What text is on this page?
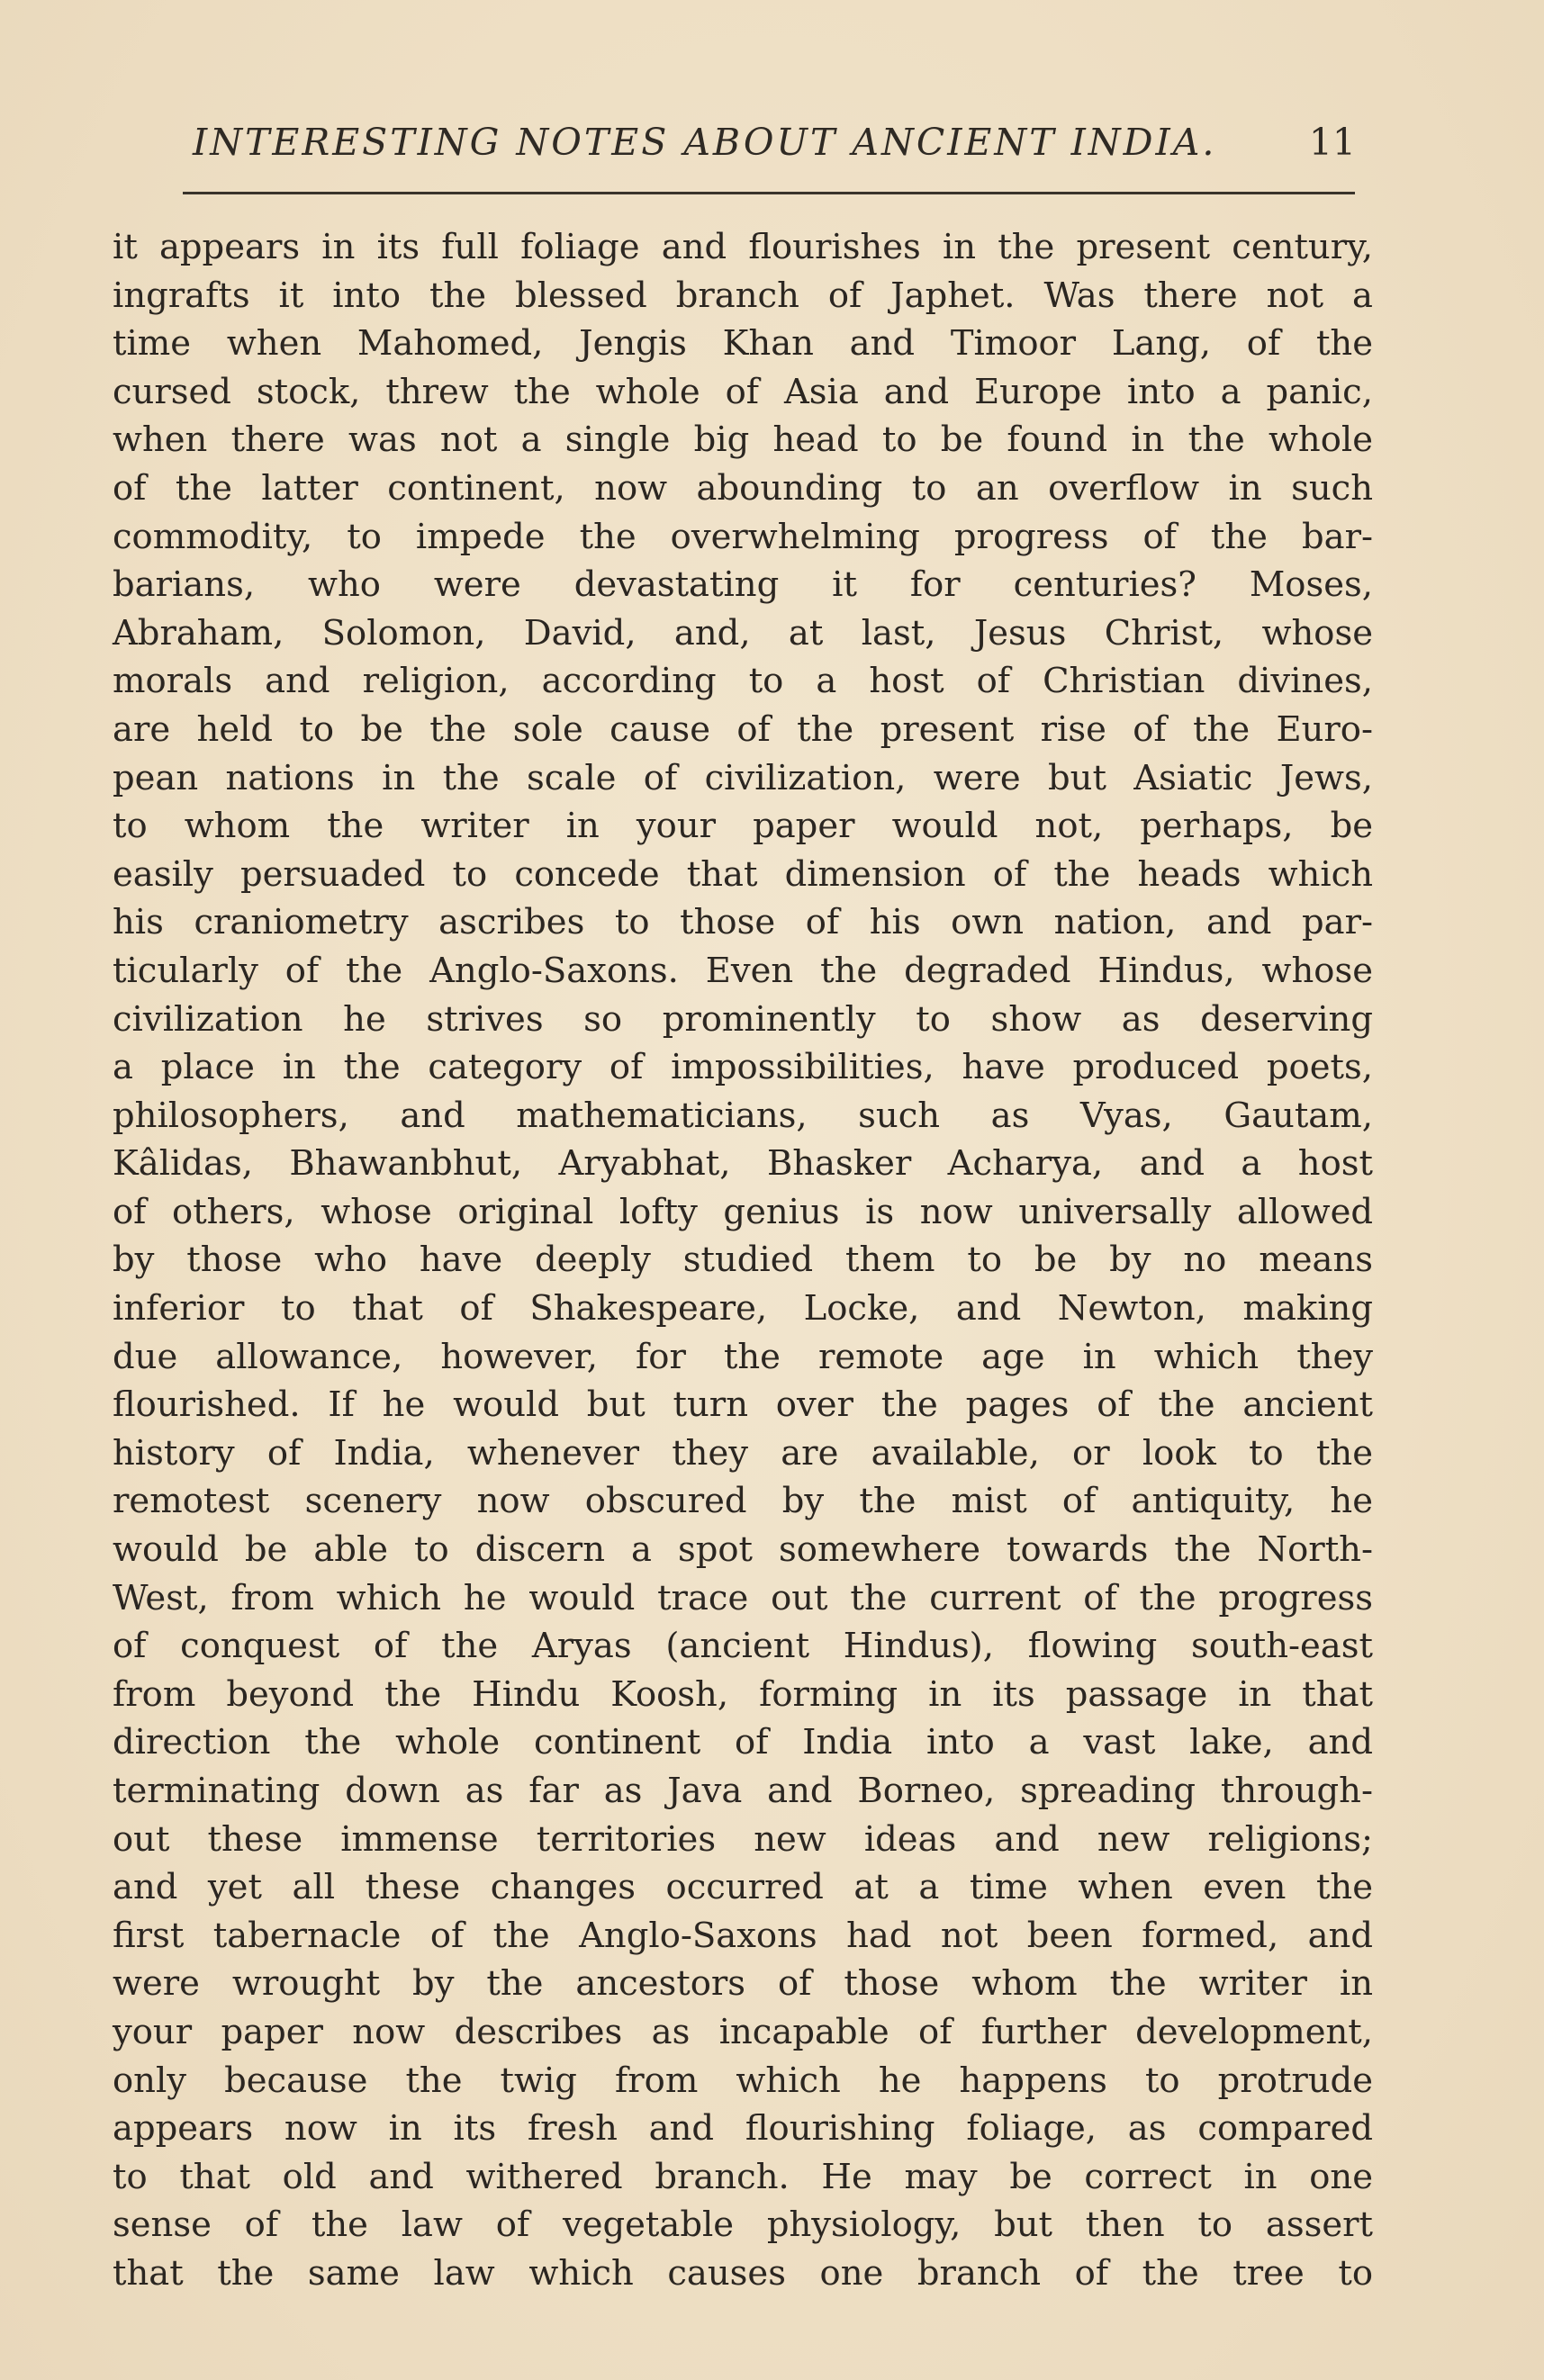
INTERESTING NOTES ABOUT ANCIENT INDIA. 11
it appears in its full foliage and flourishes in the present century,
ingrafts it into the blessed branch of Japhet. Was there not a
time when Mahomed, Jengis Khan and Timoor Lang, of the
cursed stock, threw the whole of Asia and Europe into a panic,
when there was not a single big head to be found in the whole
of the latter continent, now abounding to an overflow in such
commodity, to impede the overwhelming progress of the bar-
barians, who were devastating it for centuries? Moses,
Abraham, Solomon, David, and, at last, Jesus Christ, whose
morals and religion, according to a host of Christian divines,
are held to be the sole cause of the present rise of the Euro-
pean nations in the scale of civilization, were but Asiatic Jews,
to whom the writer in your paper would not, perhaps, be
easily persuaded to concede that dimension of the heads which
his craniometry ascribes to those of his own nation, and par-
ticularly of the Anglo-Saxons. Even the degraded Hindus, whose
civilization he strives so prominently to show as deserving
a place in the category of impossibilities, have produced poets,
philosophers, and mathematicians, such as Vyas, Gautam,
Kâlidas, Bhawanbhut, Aryabhat, Bhasker Acharya, and a host
of others, whose original lofty genius is now universally allowed
by those who have deeply studied them to be by no means
inferior to that of Shakespeare, Locke, and Newton, making
due allowance, however, for the remote age in which they
flourished. If he would but turn over the pages of the ancient
history of India, whenever they are available, or look to the
remotest scenery now obscured by the mist of antiquity, he
would be able to discern a spot somewhere towards the North-
West, from which he would trace out the current of the progress
of conquest of the Aryas (ancient Hindus), flowing south-east
from beyond the Hindu Koosh, forming in its passage in that
direction the whole continent of India into a vast lake, and
terminating down as far as Java and Borneo, spreading through-
out these immense territories new ideas and new religions;
and yet all these changes occurred at a time when even the
first tabernacle of the Anglo-Saxons had not been formed, and
were wrought by the ancestors of those whom the writer in
your paper now describes as incapable of further development,
only because the twig from which he happens to protrude
appears now in its fresh and flourishing foliage, as compared
to that old and withered branch. He may be correct in one
sense of the law of vegetable physiology, but then to assert
that the same law which causes one branch of the tree to
